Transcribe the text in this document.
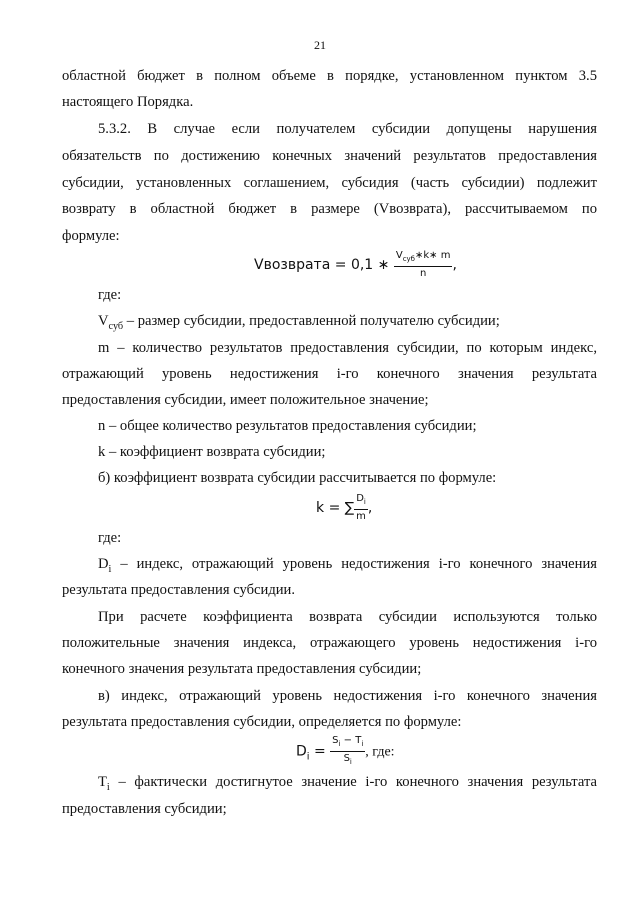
21
областной бюджет в полном объеме в порядке, установленном пунктом 3.5
настоящего Порядка.
5.3.2. В случае если получателем субсидии допущены нарушения
обязательств по достижению конечных значений результатов предоставления
субсидии, установленных соглашением, субсидия (часть субсидии) подлежит
возврату в областной бюджет в размере (Vвозврата), рассчитываемом по
формуле:
Vвозврата = 0,1 ∗ $\frac{V_{суб}∗k∗ m}{n}$ ,
где:
$V_{суб}$ – размер субсидии, предоставленной получателю субсидии;
m – количество результатов предоставления субсидии, по которым индекс,
отражающий уровень недостижения i-го конечного значения результата
предоставления субсидии, имеет положительное значение;
n – общее количество результатов предоставления субсидии;
k – коэффициент возврата субсидии;
б) коэффициент возврата субсидии рассчитывается по формуле:
k = ∑ $\frac{D_i}{m}$ ,
где:
$D_i$ – индекс, отражающий уровень недостижения i-го конечного значения
результата предоставления субсидии.
При расчете коэффициента возврата субсидии используются только
положительные значения индекса, отражающего уровень недостижения i-го
конечного значения результата предоставления субсидии;
в) индекс, отражающий уровень недостижения i-го конечного значения
результата предоставления субсидии, определяется по формуле:
$D_i = \frac{S_i - T_i}{S_i}$ , где:
$T_i$ – фактически достигнутое значение i-го конечного значения результата
предоставления субсидии;
